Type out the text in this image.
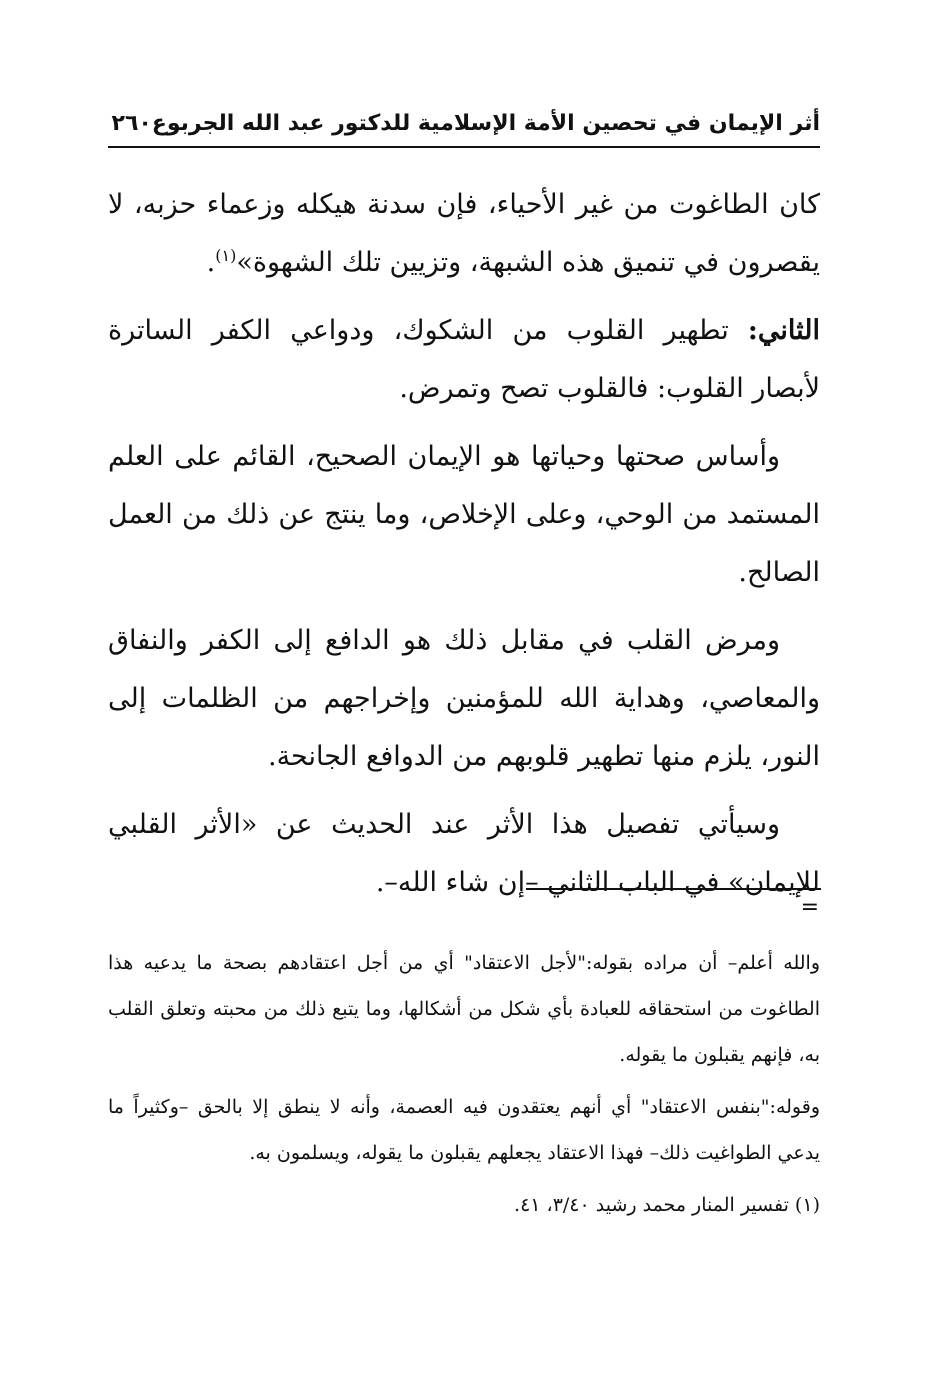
أثر الإيمان في تحصين الأمة الإسلامية للدكتور عبد الله الجربوع
٢٦٠

كان الطاغوت من غير الأحياء، فإن سدنة هيكله وزعماء حزبه، لا يقصرون في تنميق هذه الشبهة، وتزيين تلك الشهوة»$^{(١)}$.

الثاني: تطهير القلوب من الشكوك، ودواعي الكفر الساترة لأبصار القلوب: فالقلوب تصح وتمرض.

وأساس صحتها وحياتها هو الإيمان الصحيح، القائم على العلم المستمد من الوحي، وعلى الإخلاص، وما ينتج عن ذلك من العمل الصالح.

ومرض القلب في مقابل ذلك هو الدافع إلى الكفر والنفاق والمعاصي، وهداية الله للمؤمنين وإخراجهم من الظلمات إلى النور، يلزم منها تطهير قلوبهم من الدوافع الجانحة.

وسيأتي تفصيل هذا الأثر عند الحديث عن «الأثر القلبي للإيمان» في الباب الثاني –إن شاء الله–.

=

والله أعلم– أن مراده بقوله:"لأجل الاعتقاد" أي من أجل اعتقادهم بصحة ما يدعيه هذا الطاغوت من استحقاقه للعبادة بأي شكل من أشكالها، وما يتبع ذلك من محبته وتعلق القلب به، فإنهم يقبلون ما يقوله.

وقوله:"بنفس الاعتقاد" أي أنهم يعتقدون فيه العصمة، وأنه لا ينطق إلا بالحق –وكثيراً ما يدعي الطواغيت ذلك– فهذا الاعتقاد يجعلهم يقبلون ما يقوله، ويسلمون به.

(١) تفسير المنار محمد رشيد ٣/٤٠، ٤١.
